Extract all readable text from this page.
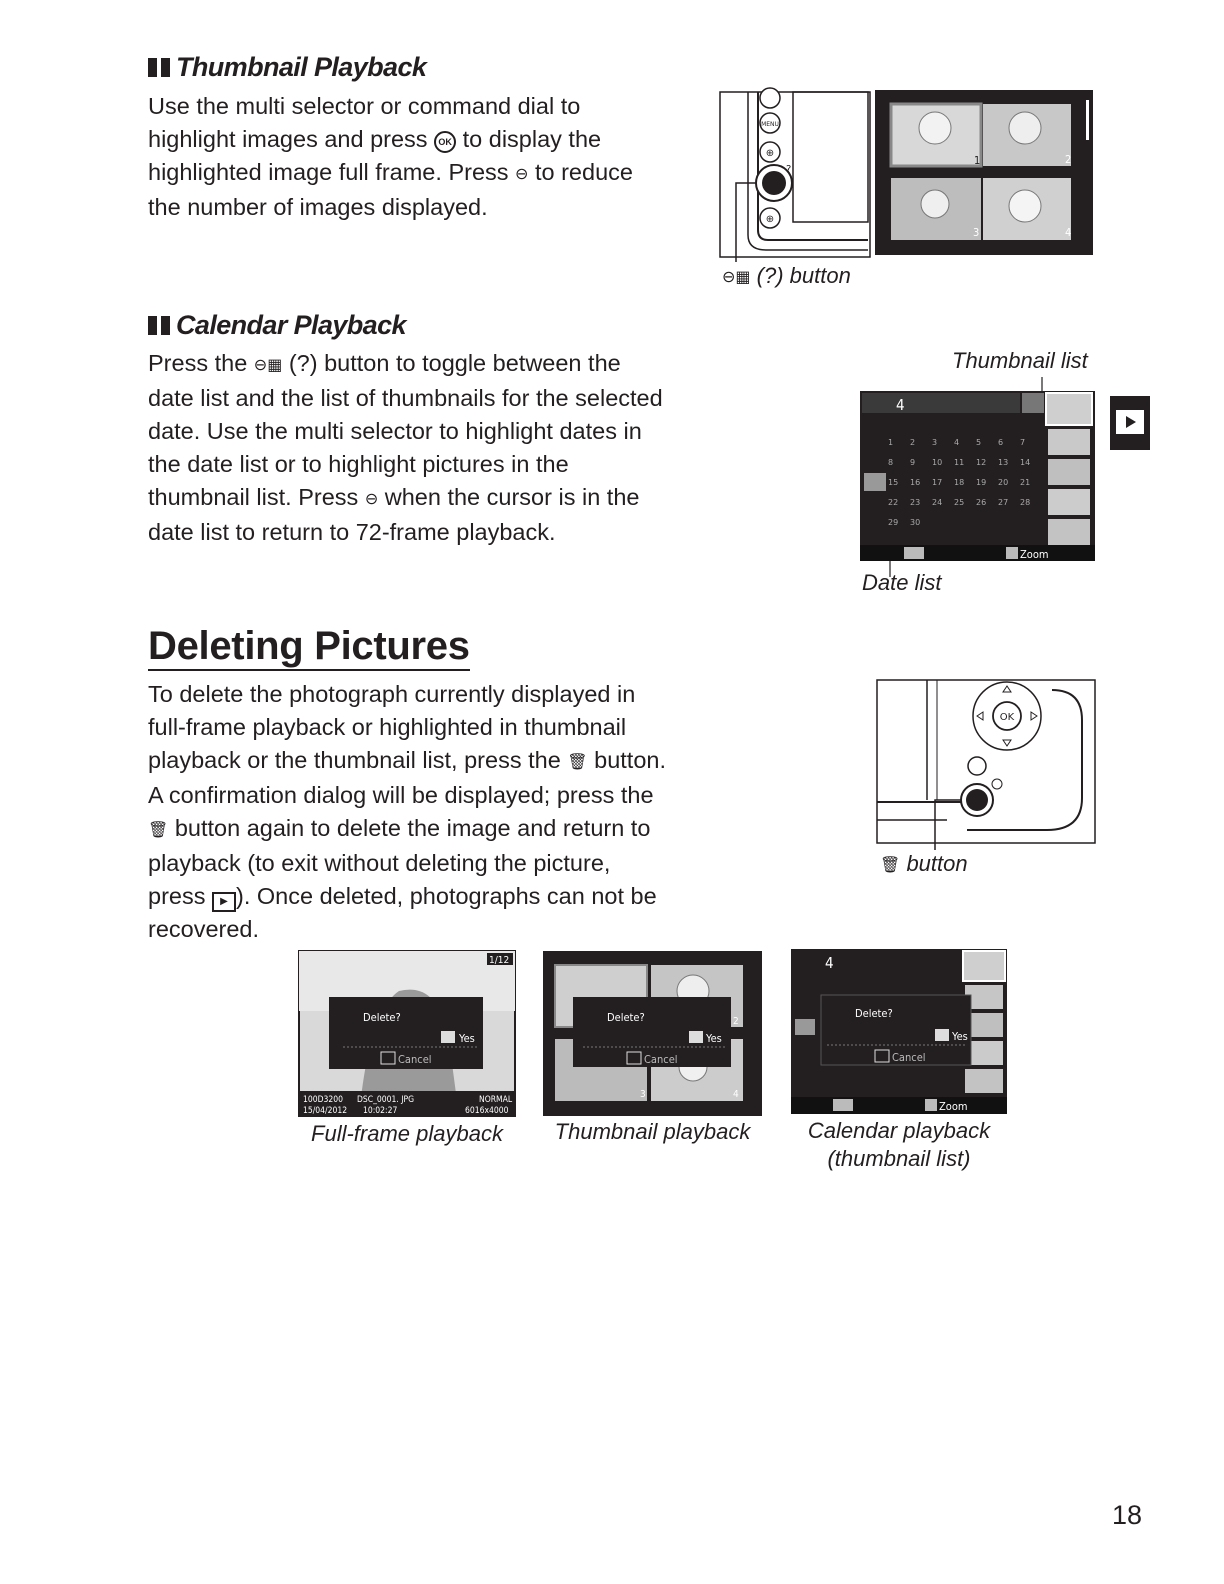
Thumbnail Playback

Use the multi selector or command dial to

highlight images and press OK to display the

highlighted image full frame. Press ⊖ to reduce

the number of images displayed.

MENU
⊕
?
⊕
⊖▦ (?) button
1	2
3	4
Calendar Playback

Press the ⊖▦ (?) button to toggle between the

date list and the list of thumbnails for the selected

date. Use the multi selector to highlight dates in

the date list or to highlight pictures in the

thumbnail list. Press ⊖ when the cursor is in the

date list to return to 72-frame playback.

Thumbnail list
4
1 2 3 4 5 6 7
8 9 10 11 12 13 14
15 16 17 18 19 20 21
22 23 24 25 26 27 28
29 30
Zoom
Date list
Deleting Pictures

To delete the photograph currently displayed in

full-frame playback or highlighted in thumbnail

playback or the thumbnail list, press the 🗑 button.

A confirmation dialog will be displayed; press the

🗑 button again to delete the image and return to

playback (to exit without deleting the picture,

press ▶ ). Once deleted, photographs can not be

recovered.

OK
🗑 button
1/12
Delete?
Yes
Cancel
100D3200 DSC_0001. JPG	NORMAL
15/04/2012 10:02:27	6016x4000
Delete?
Yes
Cancel
2
3	4
4
Delete?
Yes
Cancel
Zoom
Full-frame playback	Thumbnail playback	Calendar playback
(thumbnail list)
18
